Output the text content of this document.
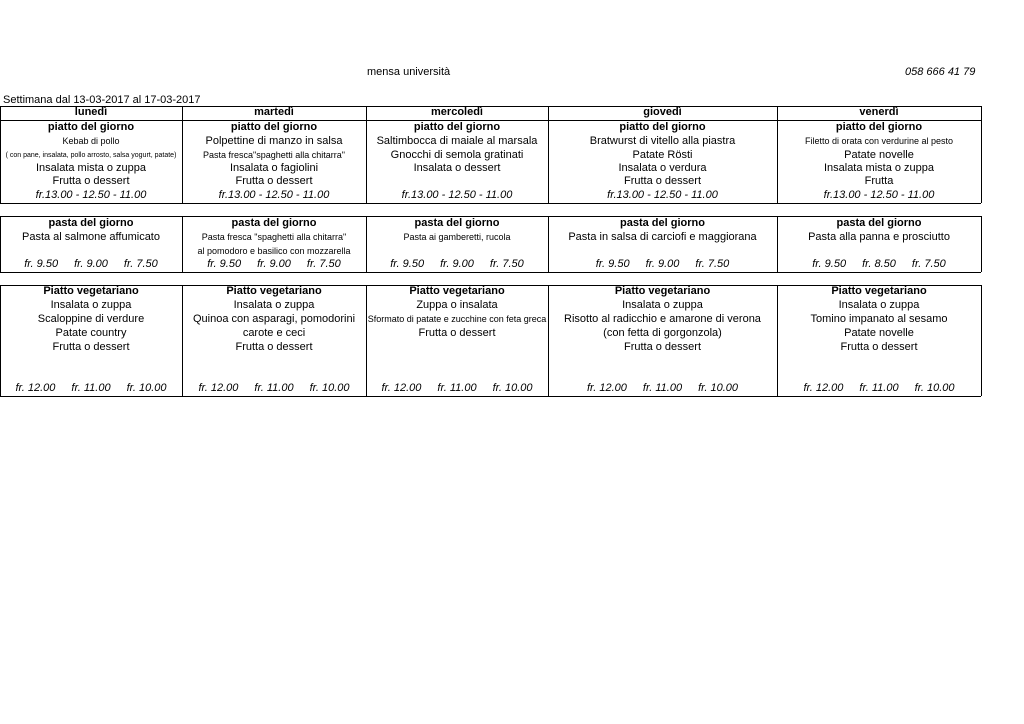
mensa università	058 666 41 79
Settimana dal 13-03-2017 al 17-03-2017
lunedì
piatto del giorno
Kebab di pollo
( con pane, insalata, pollo arrosto, salsa yogurt, patate)
Insalata mista o zuppa
Frutta o dessert
fr.13.00 - 12.50 - 11.00
pasta del giorno
Pasta al salmone affumicato
fr. 9.50 fr. 9.00 fr. 7.50
Piatto vegetariano
Insalata o zuppa
Scaloppine di verdure
Patate country
Frutta o dessert
fr. 12.00 fr. 11.00 fr. 10.00
martedì
piatto del giorno
Polpettine di manzo in salsa
Pasta fresca"spaghetti alla chitarra"
Insalata o fagiolini
Frutta o dessert
fr.13.00 - 12.50 - 11.00
pasta del giorno
Pasta fresca "spaghetti alla chitarra"
al pomodoro e basilico con mozzarella
fr. 9.50 fr. 9.00 fr. 7.50
Piatto vegetariano
Insalata o zuppa
Quinoa con asparagi, pomodorini
carote e ceci
Frutta o dessert
fr. 12.00 fr. 11.00 fr. 10.00
mercoledì
piatto del giorno
Saltimbocca di maiale al marsala
Gnocchi di semola gratinati
Insalata o dessert
fr.13.00 - 12.50 - 11.00
pasta del giorno
Pasta ai gamberetti, rucola
fr. 9.50 fr. 9.00 fr. 7.50
Piatto vegetariano
Zuppa o insalata
Sformato di patate e zucchine con feta greca
Frutta o dessert
fr. 12.00 fr. 11.00 fr. 10.00
giovedì
piatto del giorno
Bratwurst di vitello alla piastra
Patate Rösti
Insalata o verdura
Frutta o dessert
fr.13.00 - 12.50 - 11.00
pasta del giorno
Pasta in salsa di carciofi e maggiorana
fr. 9.50 fr. 9.00 fr. 7.50
Piatto vegetariano
Insalata o zuppa
Risotto al radicchio e amarone di verona
(con fetta di gorgonzola)
Frutta o dessert
fr. 12.00 fr. 11.00 fr. 10.00
venerdì
piatto del giorno
Filetto di orata con verdurine al pesto
Patate novelle
Insalata mista o zuppa
Frutta
fr.13.00 - 12.50 - 11.00
pasta del giorno
Pasta alla panna e prosciutto
fr. 9.50 fr. 8.50 fr. 7.50
Piatto vegetariano
Insalata o zuppa
Tomino impanato al sesamo
Patate novelle
Frutta o dessert
fr. 12.00 fr. 11.00 fr. 10.00
